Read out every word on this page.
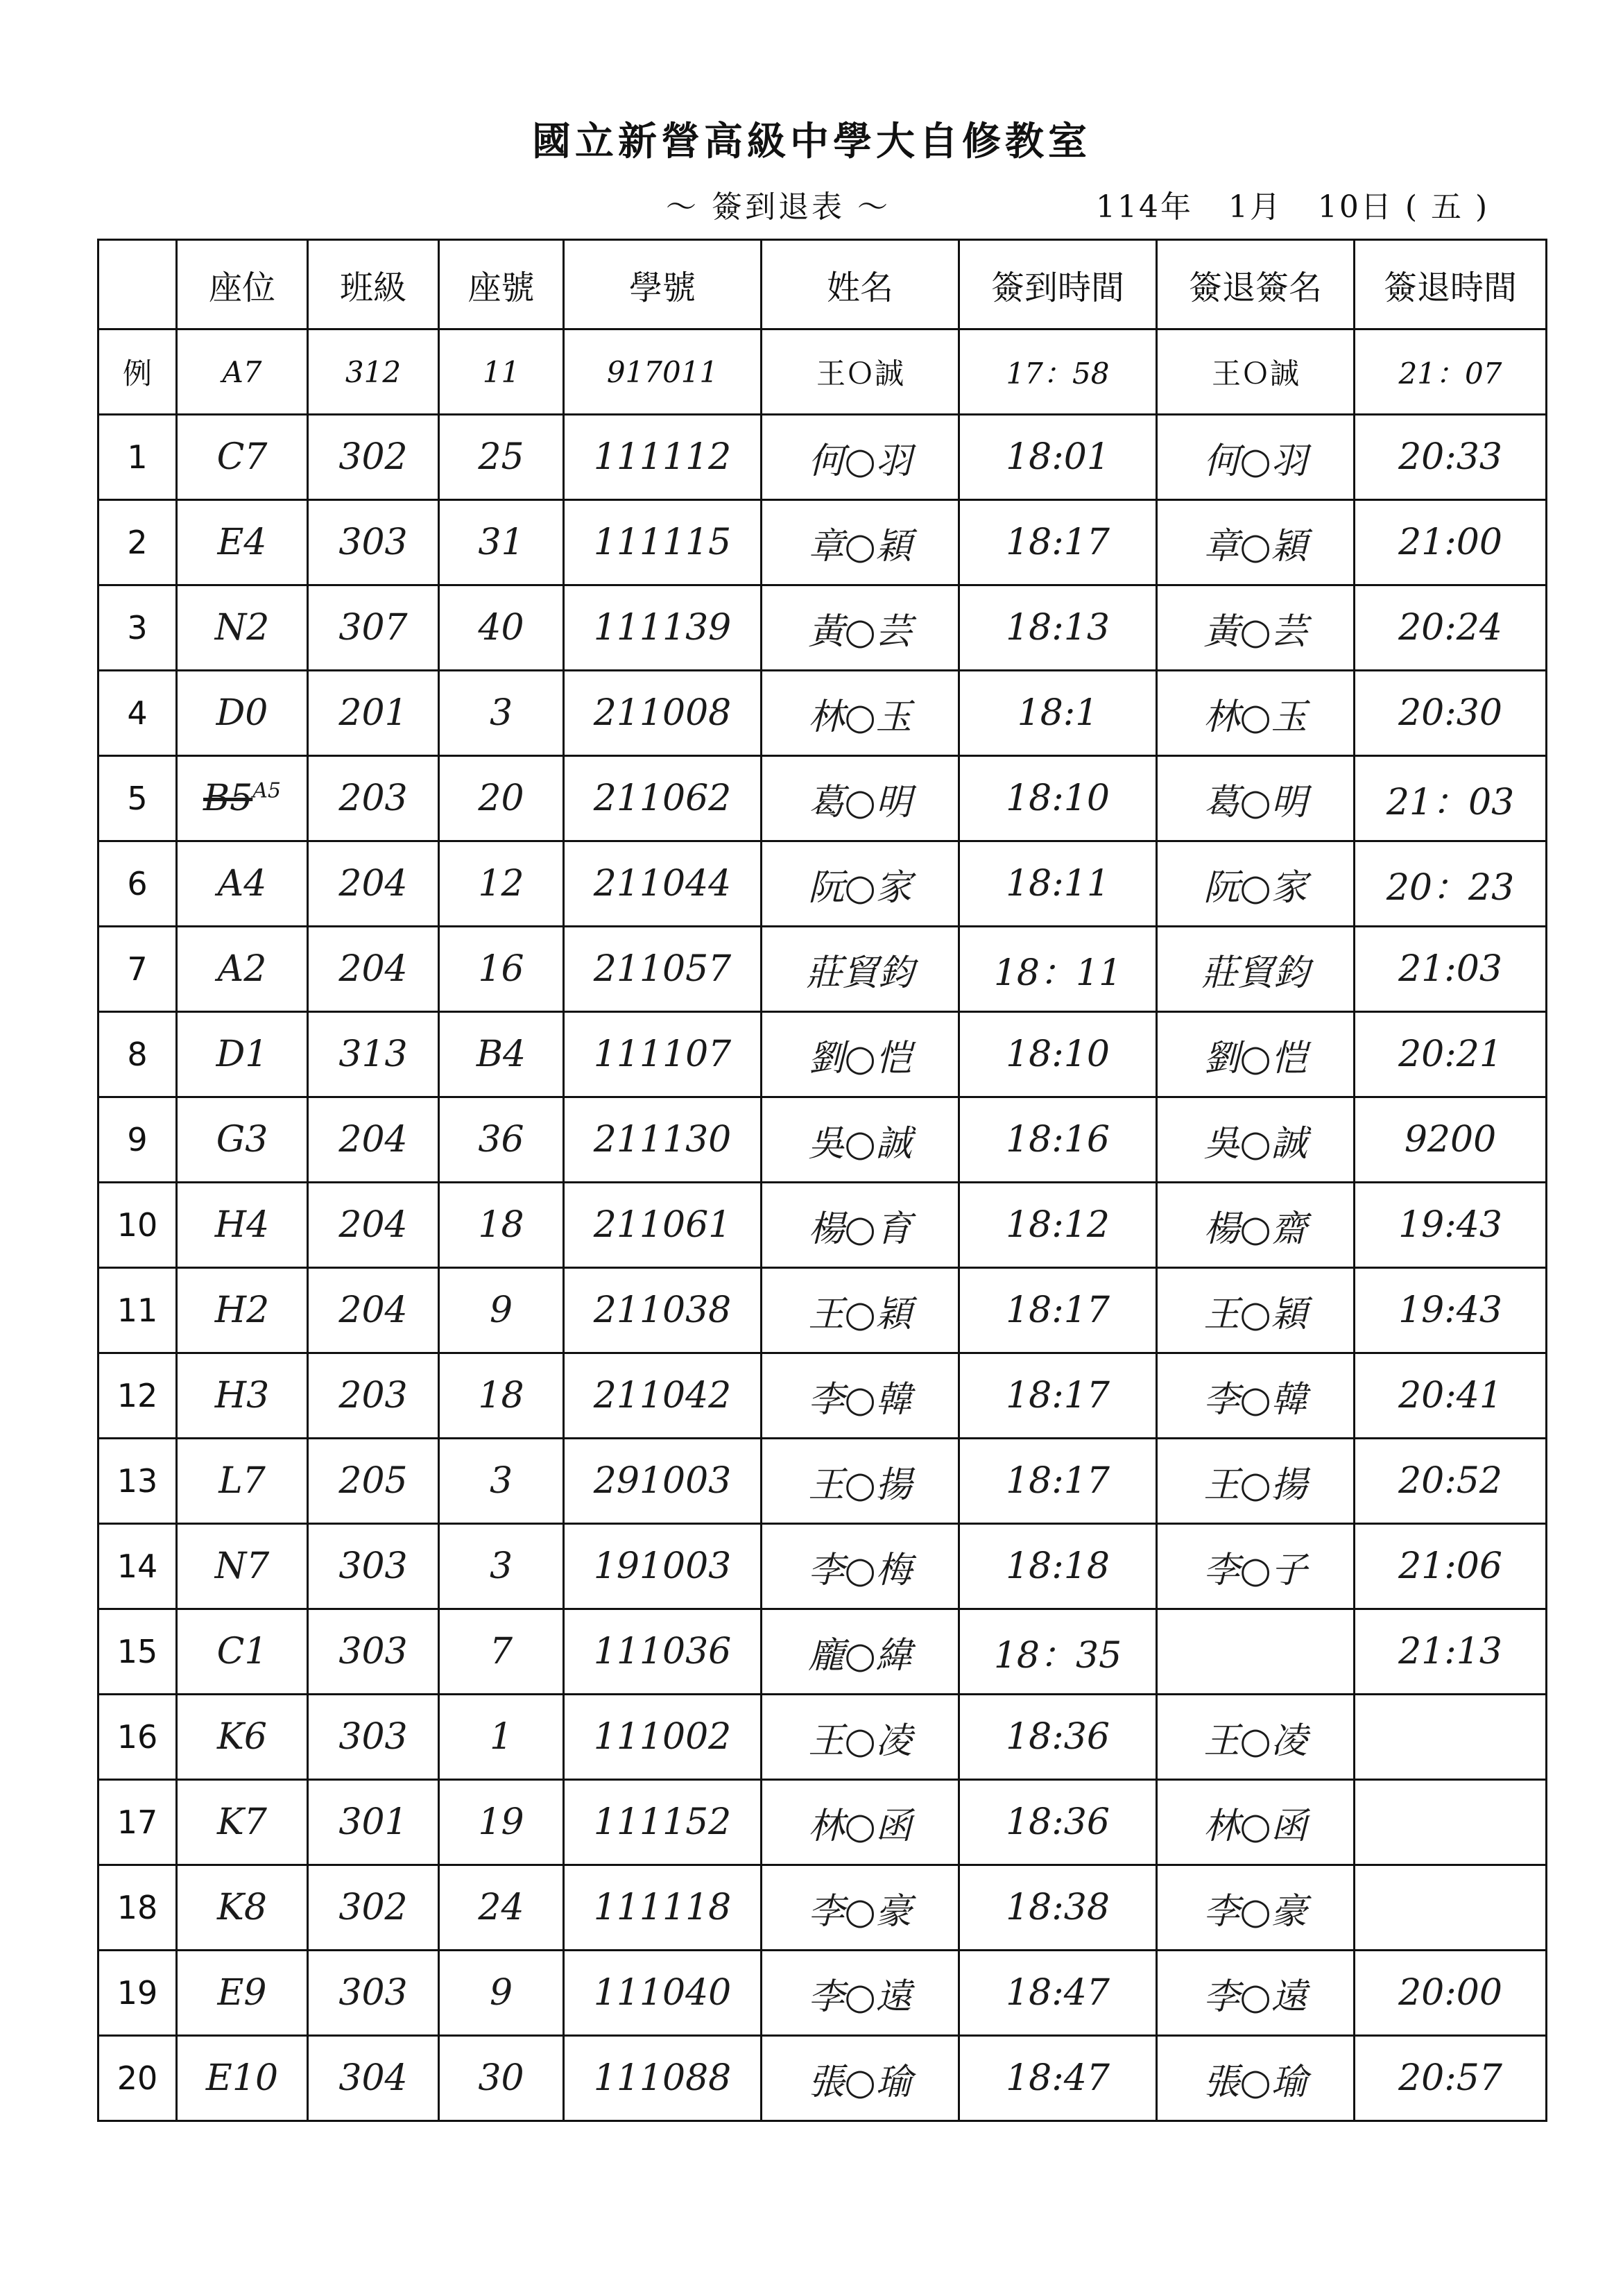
國立新營高級中學大自修教室
～ 簽到退表 ～	114年   1月   10日 ( 五 )
	座位	班級	座號	學號	姓名	簽到時間	簽退簽名	簽退時間
例	A7	312	11	917011	王Ｏ誠	17：58	王Ｏ誠	21：07
1	C7	302	25	111112	何○羽	18:01	何○羽	20:33
2	E4	303	31	111115	章○穎	18:17	章○穎	21:00
3	N2	307	40	111139	黃○芸	18:13	黃○芸	20:24
4	D0	201	3	211008	林○玉	18:1	林○玉	20:30
5	$B5^{A5}$	203	20	211062	葛○明	18:10	葛○明	21：03
6	A4	204	12	211044	阮○家	18:11	阮○家	20：23
7	A2	204	16	211057	莊貿鈞	18：11	莊貿鈞	21:03
8	D1	313	B4	111107	劉○恺	18:10	劉○恺	20:21
9	G3	204	36	211130	吳○誠	18:16	吳○誠	9200
10	H4	204	18	211061	楊○育	18:12	楊○齋	19:43
11	H2	204	9	211038	王○穎	18:17	王○穎	19:43
12	H3	203	18	211042	李○韓	18:17	李○韓	20:41
13	L7	205	3	291003	王○揚	18:17	王○揚	20:52
14	N7	303	3	191003	李○梅	18:18	李○子	21:06
15	C1	303	7	111036	龐○緯	18：35		21:13
16	K6	303	1	111002	王○凌	18:36	王○凌	
17	K7	301	19	111152	林○函	18:36	林○函	
18	K8	302	24	111118	李○豪	18:38	李○豪	
19	E9	303	9	111040	李○遠	18:47	李○遠	20:00
20	E10	304	30	111088	張○瑜	18:47	張○瑜	20:57
